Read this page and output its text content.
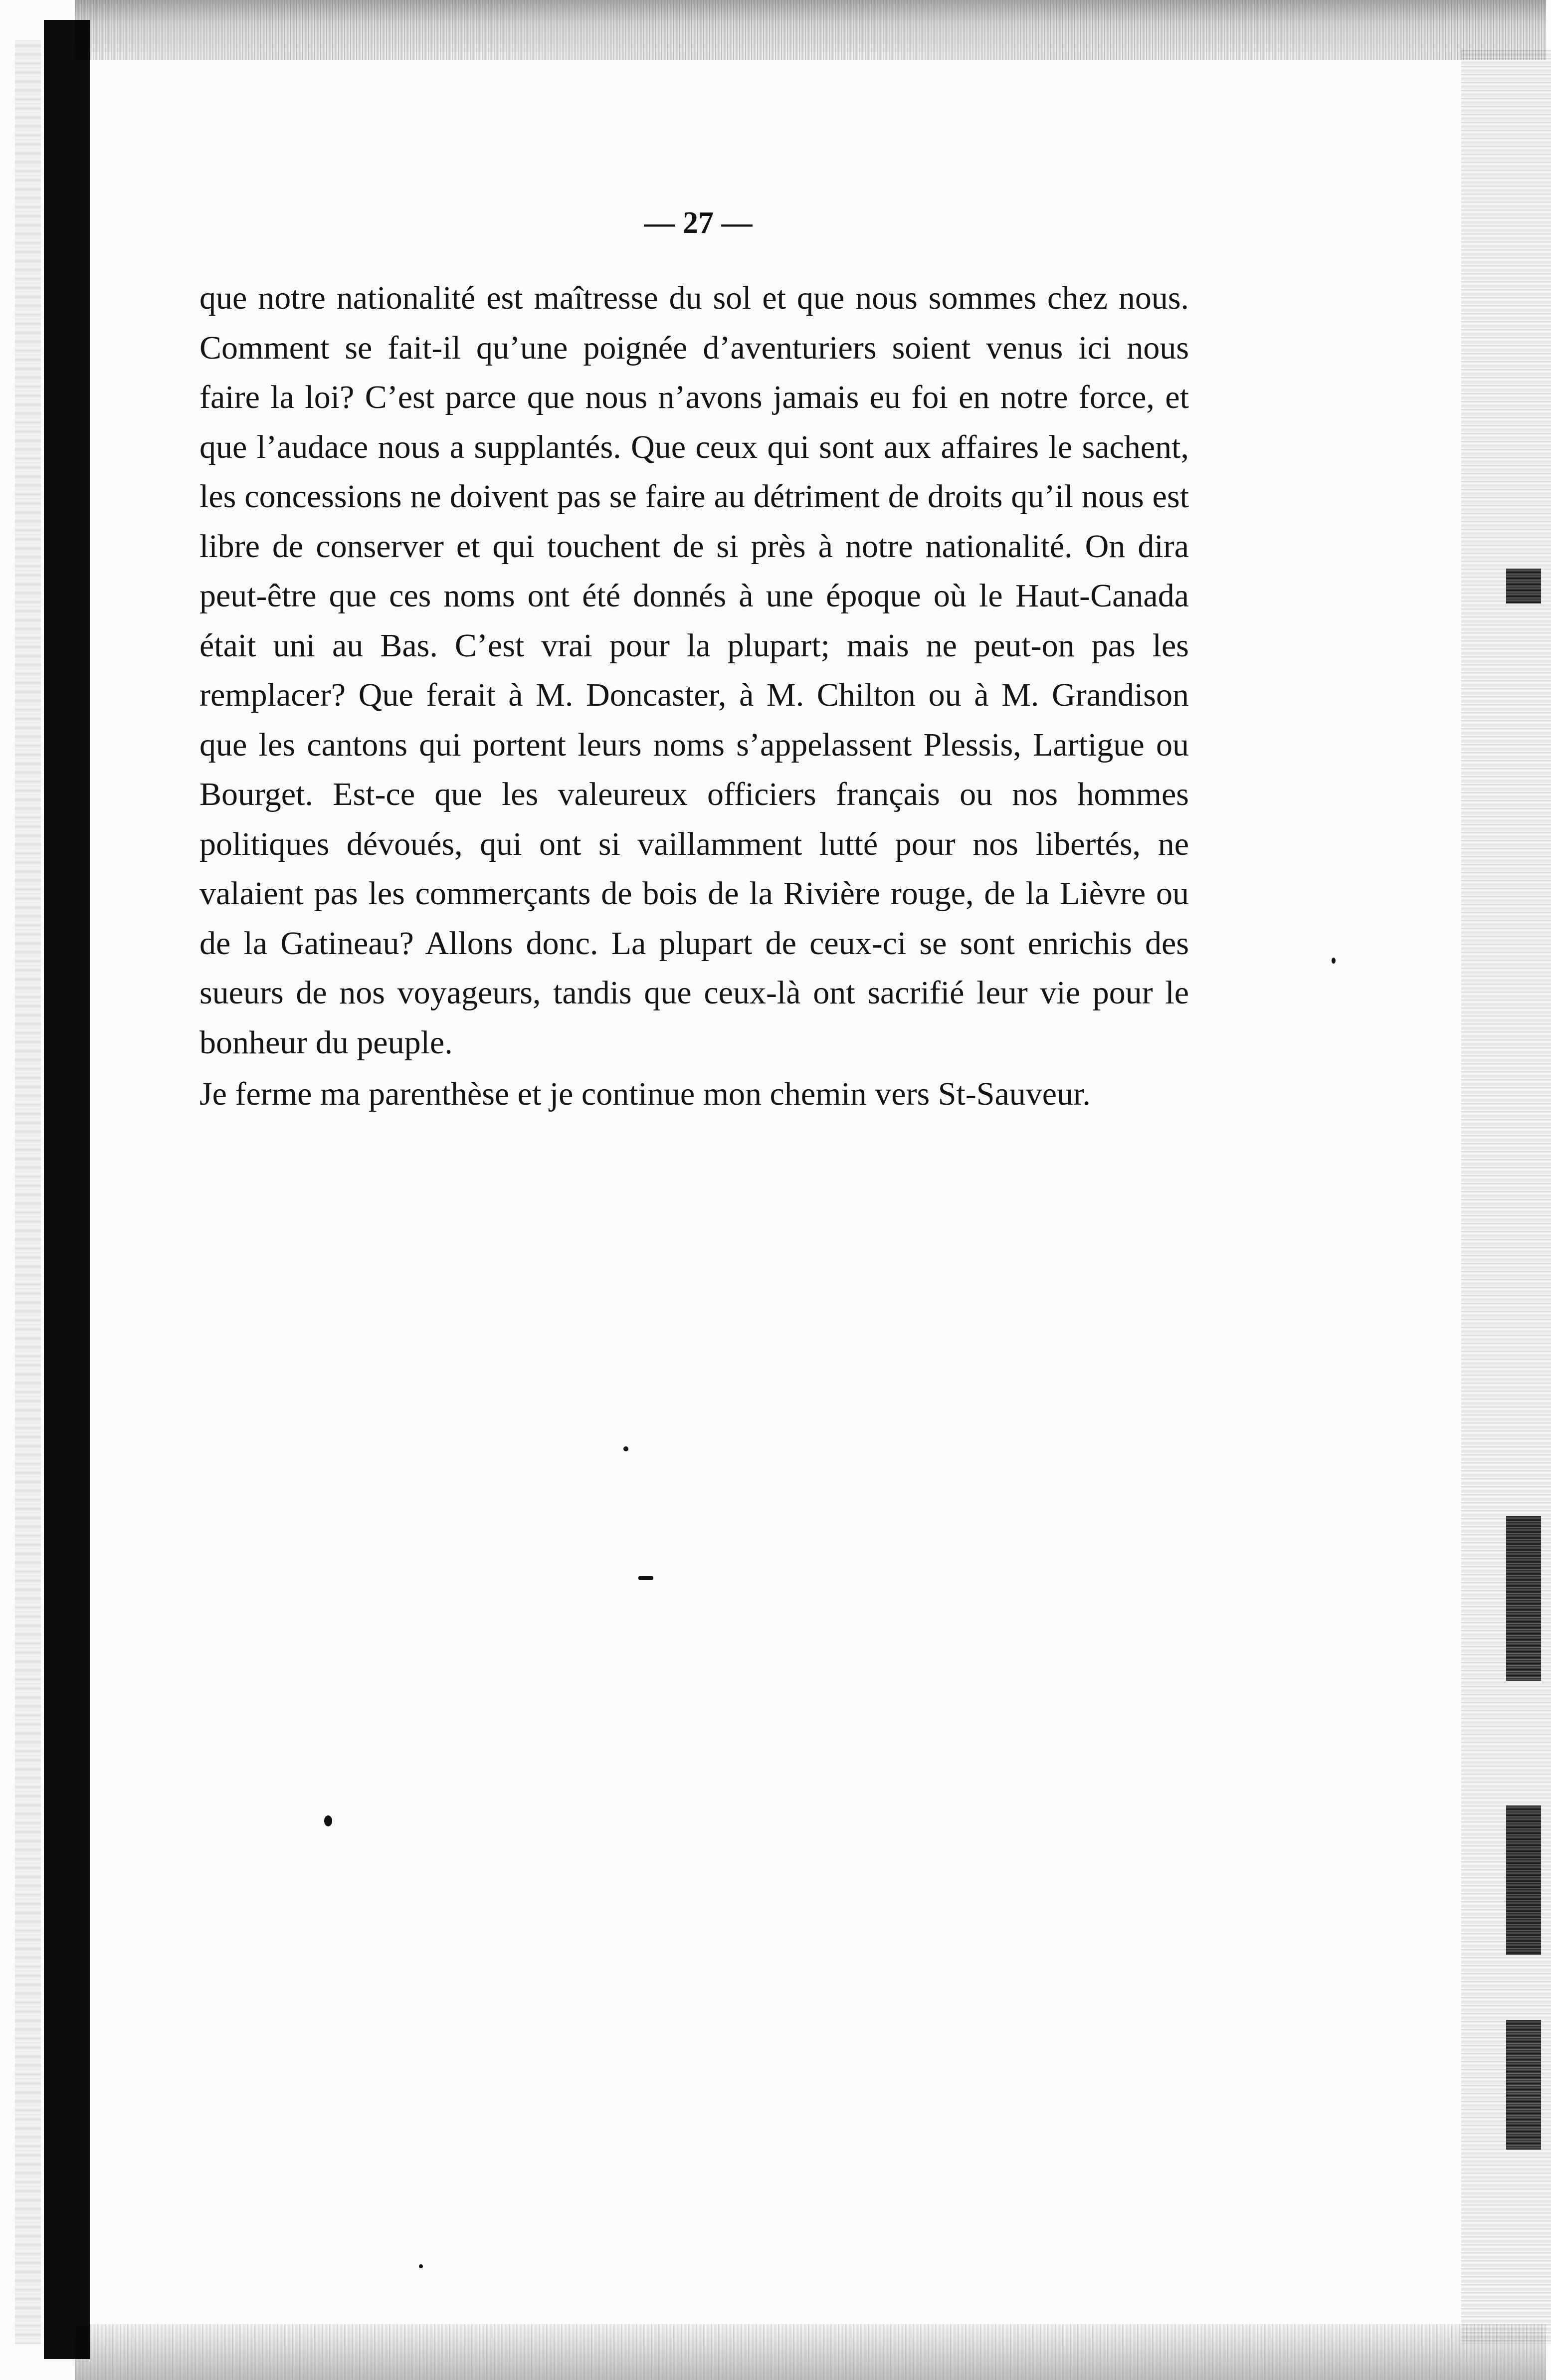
— 27 —

que notre nationalité est maîtresse du sol et que nous sommes chez nous. Comment se fait-il qu’une poignée d’aventuriers soient venus ici nous faire la loi? C’est parce que nous n’avons jamais eu foi en notre force, et que l’audace nous a supplantés. Que ceux qui sont aux affaires le sachent, les concessions ne doivent pas se faire au détriment de droits qu’il nous est libre de conserver et qui touchent de si près à notre nationalité. On dira peut-être que ces noms ont été donnés à une époque où le Haut-Canada était uni au Bas. C’est vrai pour la plupart; mais ne peut-on pas les remplacer? Que ferait à M. Doncaster, à M. Chilton ou à M. Grandison que les cantons qui portent leurs noms s’appelassent Plessis, Lartigue ou Bourget. Est-ce que les valeureux officiers français ou nos hommes politiques dévoués, qui ont si vaillamment lutté pour nos libertés, ne valaient pas les commerçants de bois de la Rivière rouge, de la Lièvre ou de la Gatineau? Allons donc. La plupart de ceux-ci se sont enrichis des sueurs de nos voyageurs, tandis que ceux-là ont sacrifié leur vie pour le bonheur du peuple.

Je ferme ma parenthèse et je continue mon chemin vers St-Sauveur.
